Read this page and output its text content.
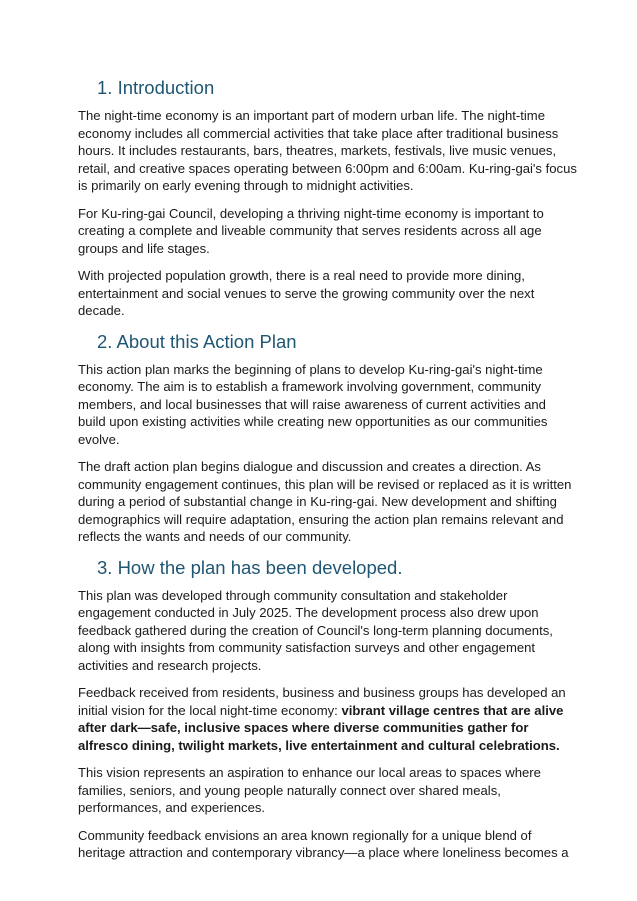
1. Introduction

The night-time economy is an important part of modern urban life. The night-time economy includes all commercial activities that take place after traditional business hours. It includes restaurants, bars, theatres, markets, festivals, live music venues, retail, and creative spaces operating between 6:00pm and 6:00am. Ku-ring-gai's focus is primarily on early evening through to midnight activities.

For Ku-ring-gai Council, developing a thriving night-time economy is important to creating a complete and liveable community that serves residents across all age groups and life stages.

With projected population growth, there is a real need to provide more dining, entertainment and social venues to serve the growing community over the next decade.

2. About this Action Plan

This action plan marks the beginning of plans to develop Ku-ring-gai's night-time economy. The aim is to establish a framework involving government, community members, and local businesses that will raise awareness of current activities and build upon existing activities while creating new opportunities as our communities evolve.

The draft action plan begins dialogue and discussion and creates a direction. As community engagement continues, this plan will be revised or replaced as it is written during a period of substantial change in Ku-ring-gai. New development and shifting demographics will require adaptation, ensuring the action plan remains relevant and reflects the wants and needs of our community.

3. How the plan has been developed.

This plan was developed through community consultation and stakeholder engagement conducted in July 2025. The development process also drew upon feedback gathered during the creation of Council's long-term planning documents, along with insights from community satisfaction surveys and other engagement activities and research projects.

Feedback received from residents, business and business groups has developed an initial vision for the local night-time economy: vibrant village centres that are alive after dark—safe, inclusive spaces where diverse communities gather for alfresco dining, twilight markets, live entertainment and cultural celebrations.

This vision represents an aspiration to enhance our local areas to spaces where families, seniors, and young people naturally connect over shared meals, performances, and experiences.

Community feedback envisions an area known regionally for a unique blend of heritage attraction and contemporary vibrancy—a place where loneliness becomes a
